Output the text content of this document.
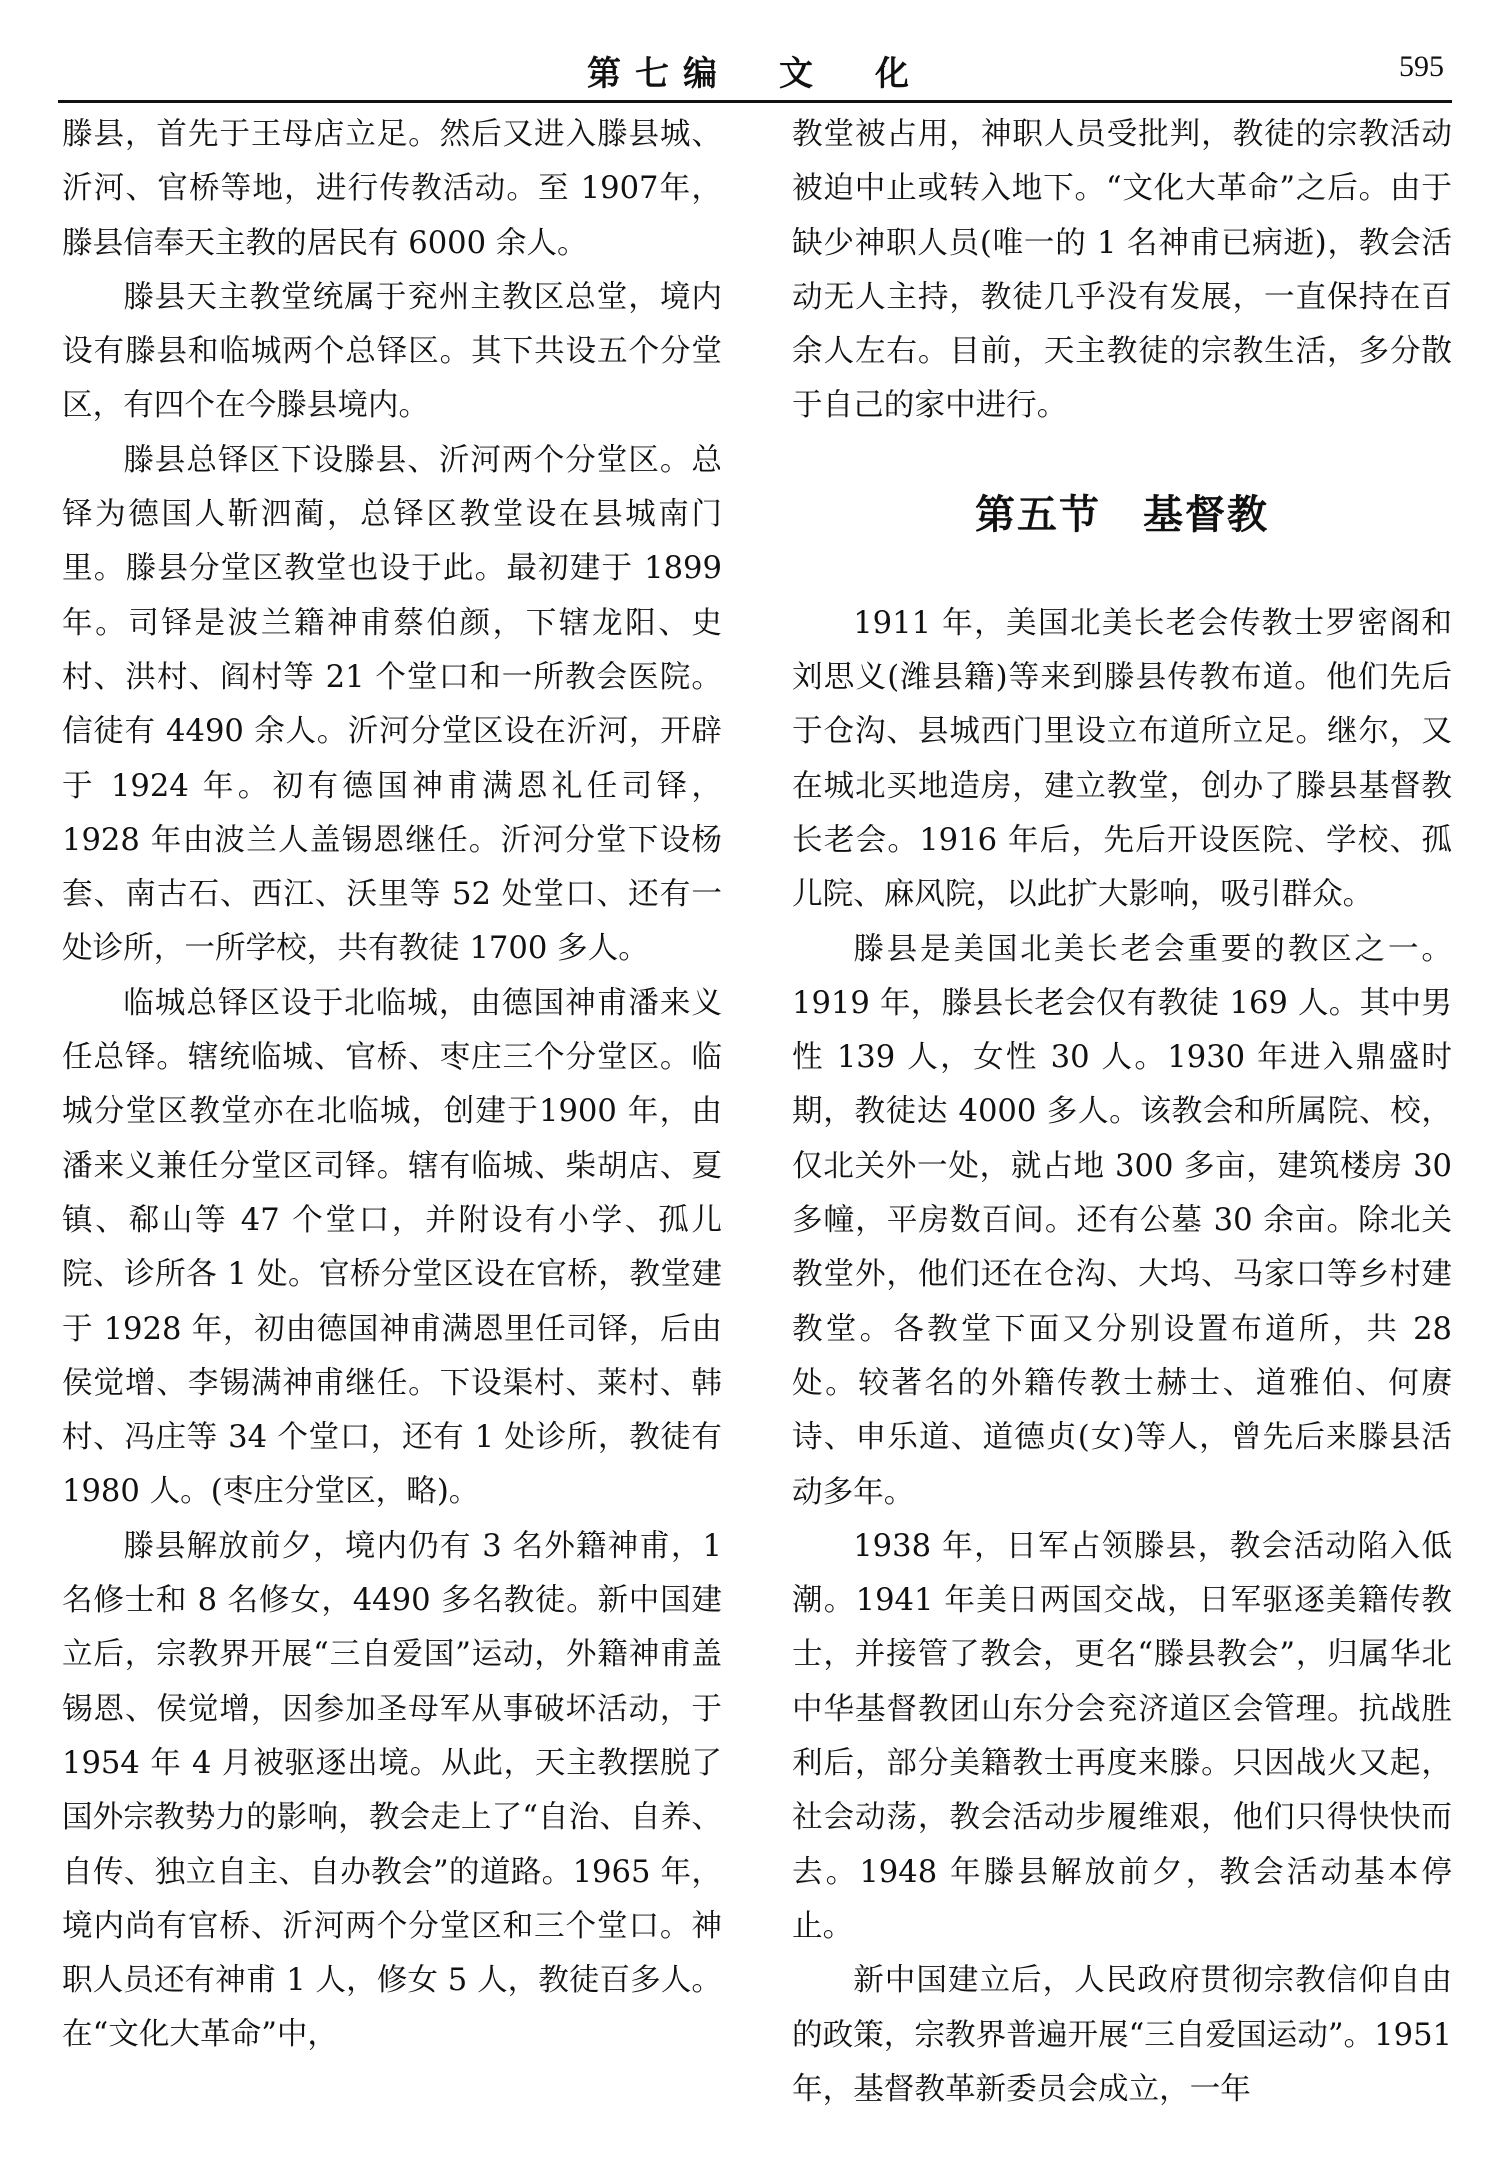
第七编　文　化	595

滕县，首先于王母店立足。然后又进入滕县城、沂河、官桥等地，进行传教活动。至 1907年，滕县信奉天主教的居民有 6000 余人。

滕县天主教堂统属于兖州主教区总堂，境内设有滕县和临城两个总铎区。其下共设五个分堂区，有四个在今滕县境内。

滕县总铎区下设滕县、沂河两个分堂区。总铎为德国人靳泗蔺，总铎区教堂设在县城南门里。滕县分堂区教堂也设于此。最初建于 1899 年。司铎是波兰籍神甫蔡伯颜，下辖龙阳、史村、洪村、阎村等 21 个堂口和一所教会医院。信徒有 4490 余人。沂河分堂区设在沂河，开辟于 1924 年。初有德国神甫满恩礼任司铎，1928 年由波兰人盖锡恩继任。沂河分堂下设杨套、南古石、西江、沃里等 52 处堂口、还有一处诊所，一所学校，共有教徒 1700 多人。

临城总铎区设于北临城，由德国神甫潘来义任总铎。辖统临城、官桥、枣庄三个分堂区。临城分堂区教堂亦在北临城，创建于1900 年，由潘来义兼任分堂区司铎。辖有临城、柴胡店、夏镇、郗山等 47 个堂口，并附设有小学、孤儿院、诊所各 1 处。官桥分堂区设在官桥，教堂建于 1928 年，初由德国神甫满恩里任司铎，后由侯觉增、李锡满神甫继任。下设渠村、莱村、韩村、冯庄等 34 个堂口，还有 1 处诊所，教徒有 1980 人。(枣庄分堂区，略)。

滕县解放前夕，境内仍有 3 名外籍神甫，1 名修士和 8 名修女，4490 多名教徒。新中国建立后，宗教界开展“三自爱国”运动，外籍神甫盖锡恩、侯觉增，因参加圣母军从事破坏活动，于 1954 年 4 月被驱逐出境。从此，天主教摆脱了国外宗教势力的影响，教会走上了“自治、自养、自传、独立自主、自办教会”的道路。1965 年，境内尚有官桥、沂河两个分堂区和三个堂口。神职人员还有神甫 1 人，修女 5 人，教徒百多人。在“文化大革命”中，

教堂被占用，神职人员受批判，教徒的宗教活动被迫中止或转入地下。“文化大革命”之后。由于缺少神职人员(唯一的 1 名神甫已病逝)，教会活动无人主持，教徒几乎没有发展，一直保持在百余人左右。目前，天主教徒的宗教生活，多分散于自己的家中进行。

第五节　基督教

1911 年，美国北美长老会传教士罗密阁和刘思义(潍县籍)等来到滕县传教布道。他们先后于仓沟、县城西门里设立布道所立足。继尔，又在城北买地造房，建立教堂，创办了滕县基督教长老会。1916 年后，先后开设医院、学校、孤儿院、麻风院，以此扩大影响，吸引群众。

滕县是美国北美长老会重要的教区之一。1919 年，滕县长老会仅有教徒 169 人。其中男性 139 人，女性 30 人。1930 年进入鼎盛时期，教徒达 4000 多人。该教会和所属院、校，仅北关外一处，就占地 300 多亩，建筑楼房 30 多幢，平房数百间。还有公墓 30 余亩。除北关教堂外，他们还在仓沟、大坞、马家口等乡村建教堂。各教堂下面又分别设置布道所，共 28 处。较著名的外籍传教士赫士、道雅伯、何赓诗、申乐道、道德贞(女)等人，曾先后来滕县活动多年。

1938 年，日军占领滕县，教会活动陷入低潮。1941 年美日两国交战，日军驱逐美籍传教士，并接管了教会，更名“滕县教会”，归属华北中华基督教团山东分会兖济道区会管理。抗战胜利后，部分美籍教士再度来滕。只因战火又起，社会动荡，教会活动步履维艰，他们只得快快而去。1948 年滕县解放前夕，教会活动基本停止。

新中国建立后，人民政府贯彻宗教信仰自由的政策，宗教界普遍开展“三自爱国运动”。1951 年，基督教革新委员会成立，一年
